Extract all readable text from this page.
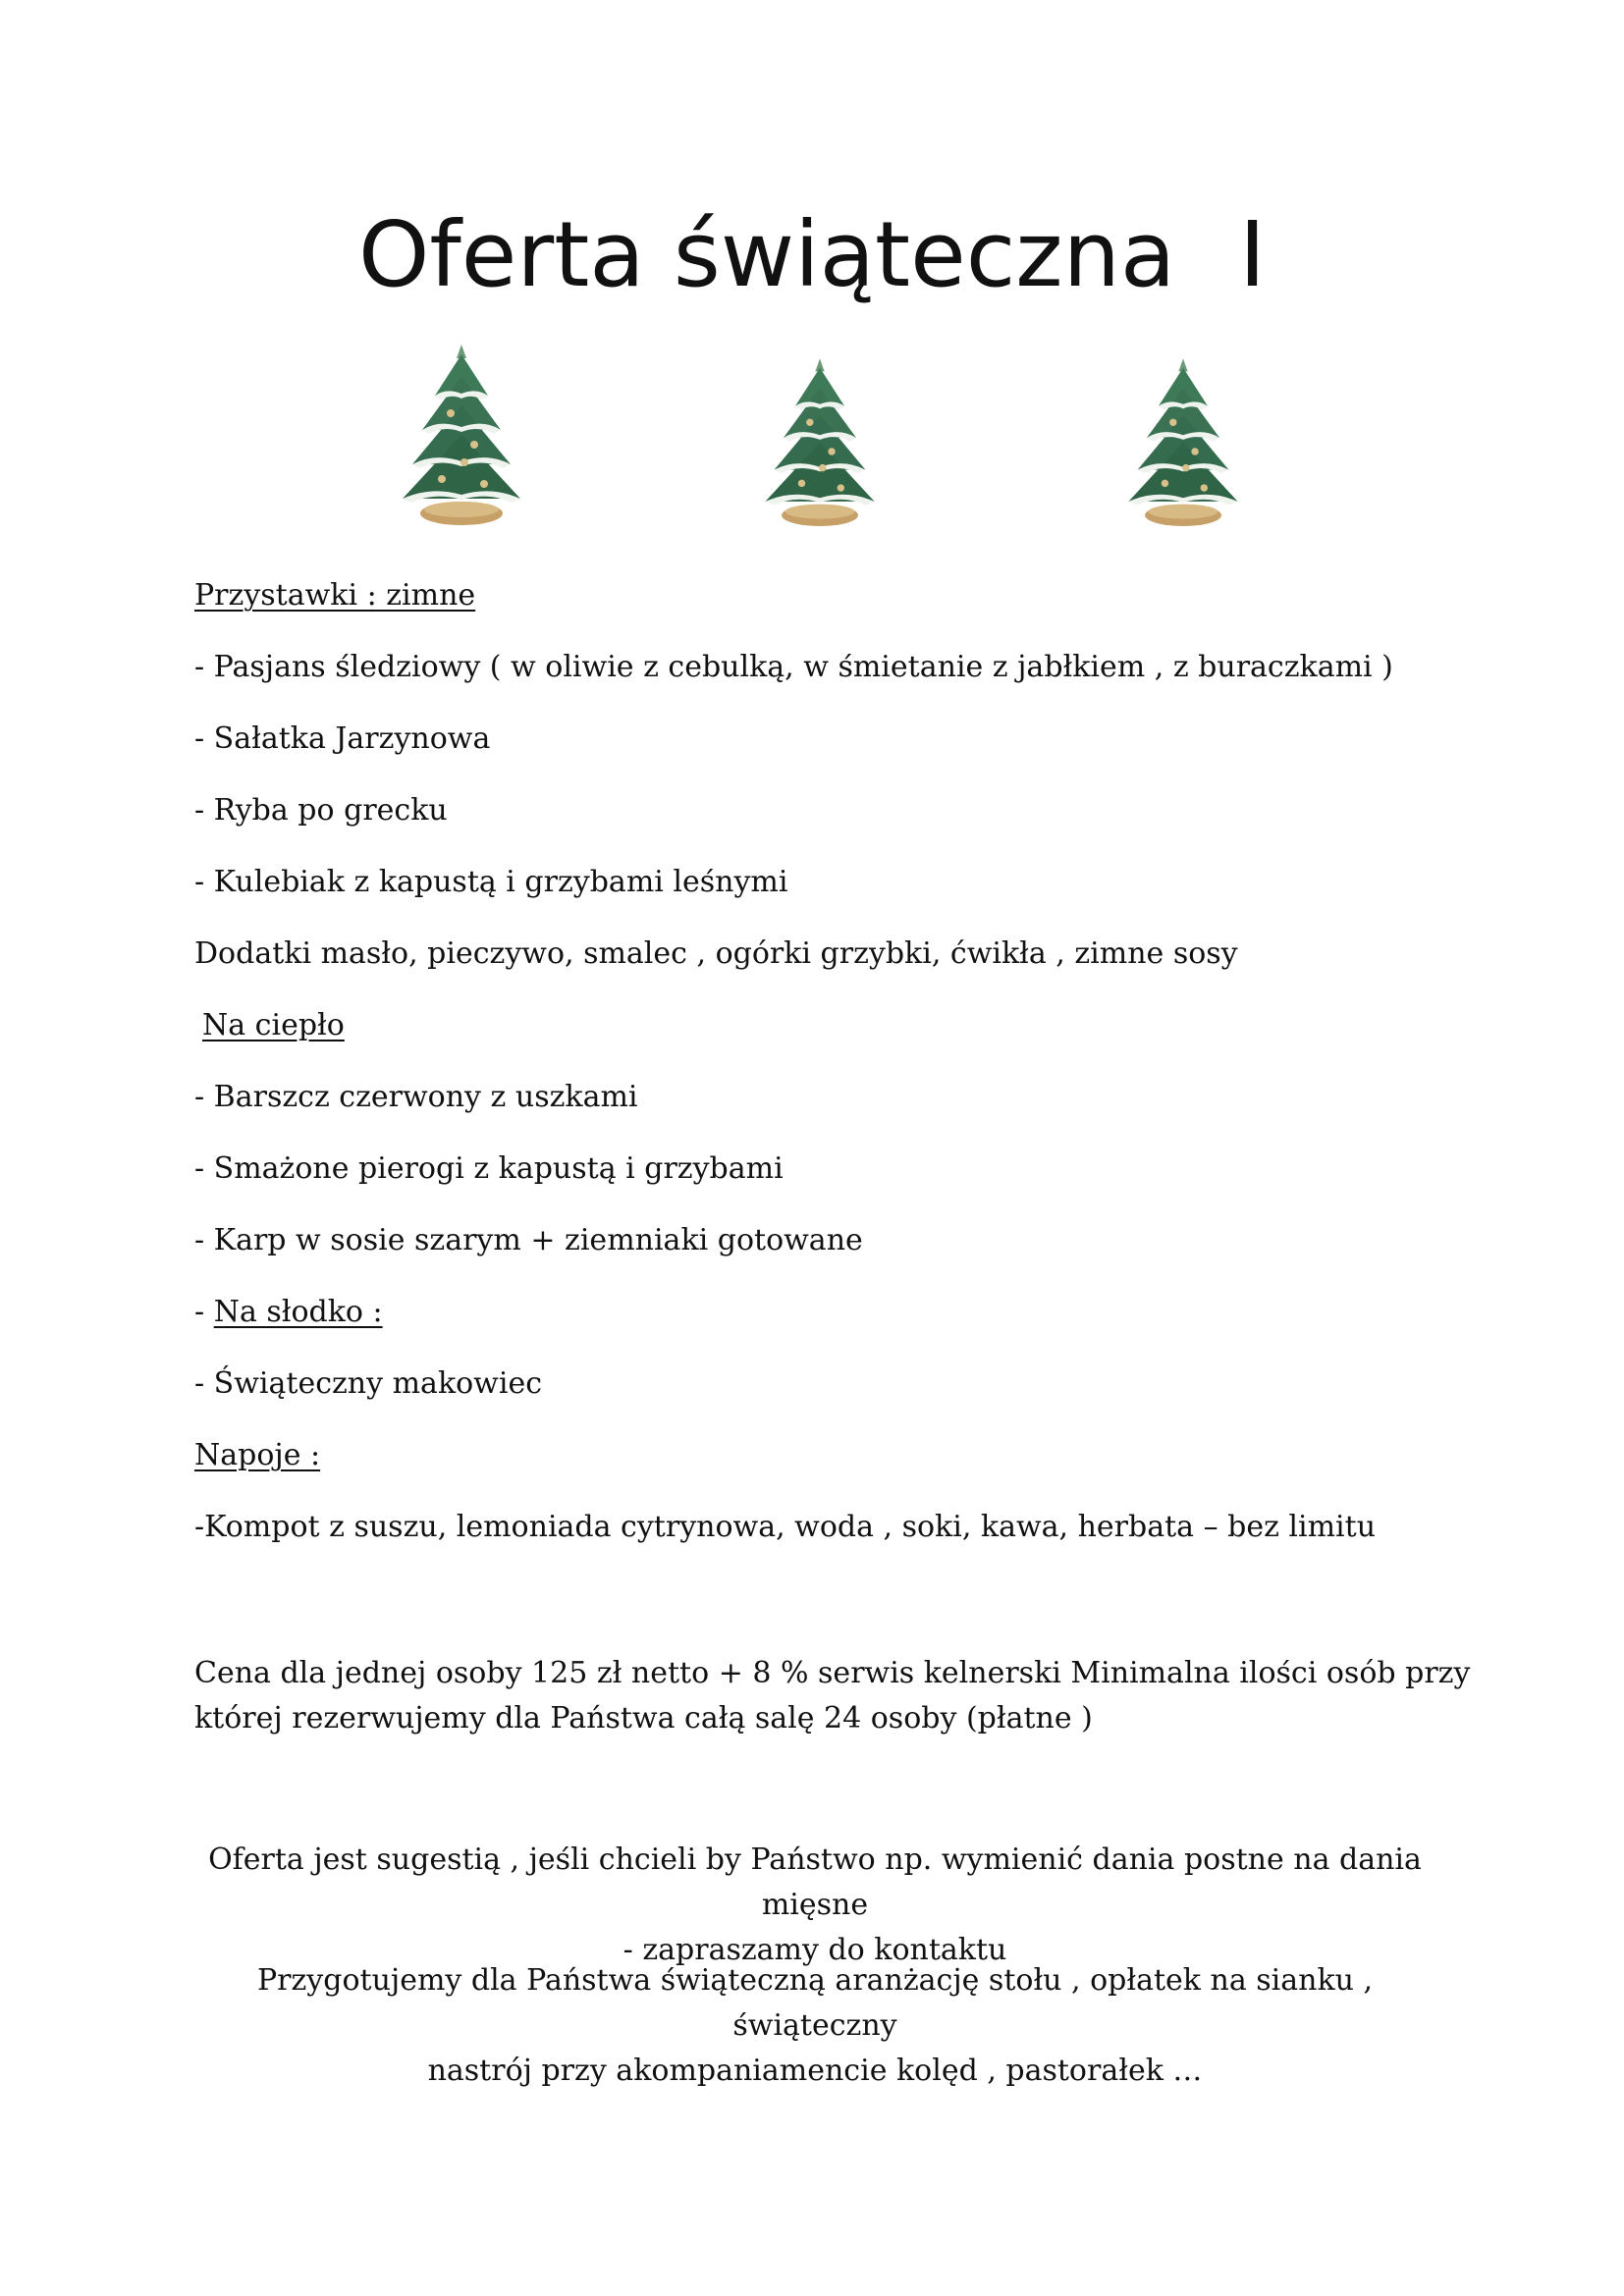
Oferta świąteczna I
Przystawki : zimne
- Pasjans śledziowy ( w oliwie z cebulką, w śmietanie z jabłkiem , z buraczkami )
- Sałatka Jarzynowa
- Ryba po grecku
- Kulebiak z kapustą i grzybami leśnymi
Dodatki masło, pieczywo, smalec , ogórki grzybki, ćwikła , zimne sosy
Na ciepło
- Barszcz czerwony z uszkami
- Smażone pierogi z kapustą i grzybami
- Karp w sosie szarym + ziemniaki gotowane
- Na słodko :
- Świąteczny makowiec
Napoje :
-Kompot z suszu, lemoniada cytrynowa, woda , soki, kawa, herbata – bez limitu
Cena dla jednej osoby 125 zł netto + 8 % serwis kelnerski Minimalna ilości osób przy
której rezerwujemy dla Państwa całą salę 24 osoby (płatne )
Oferta jest sugestią , jeśli chcieli by Państwo np. wymienić dania postne na dania mięsne
- zapraszamy do kontaktu
Przygotujemy dla Państwa świąteczną aranżację stołu , opłatek na sianku , świąteczny
nastrój przy akompaniamencie kolęd , pastorałek …
